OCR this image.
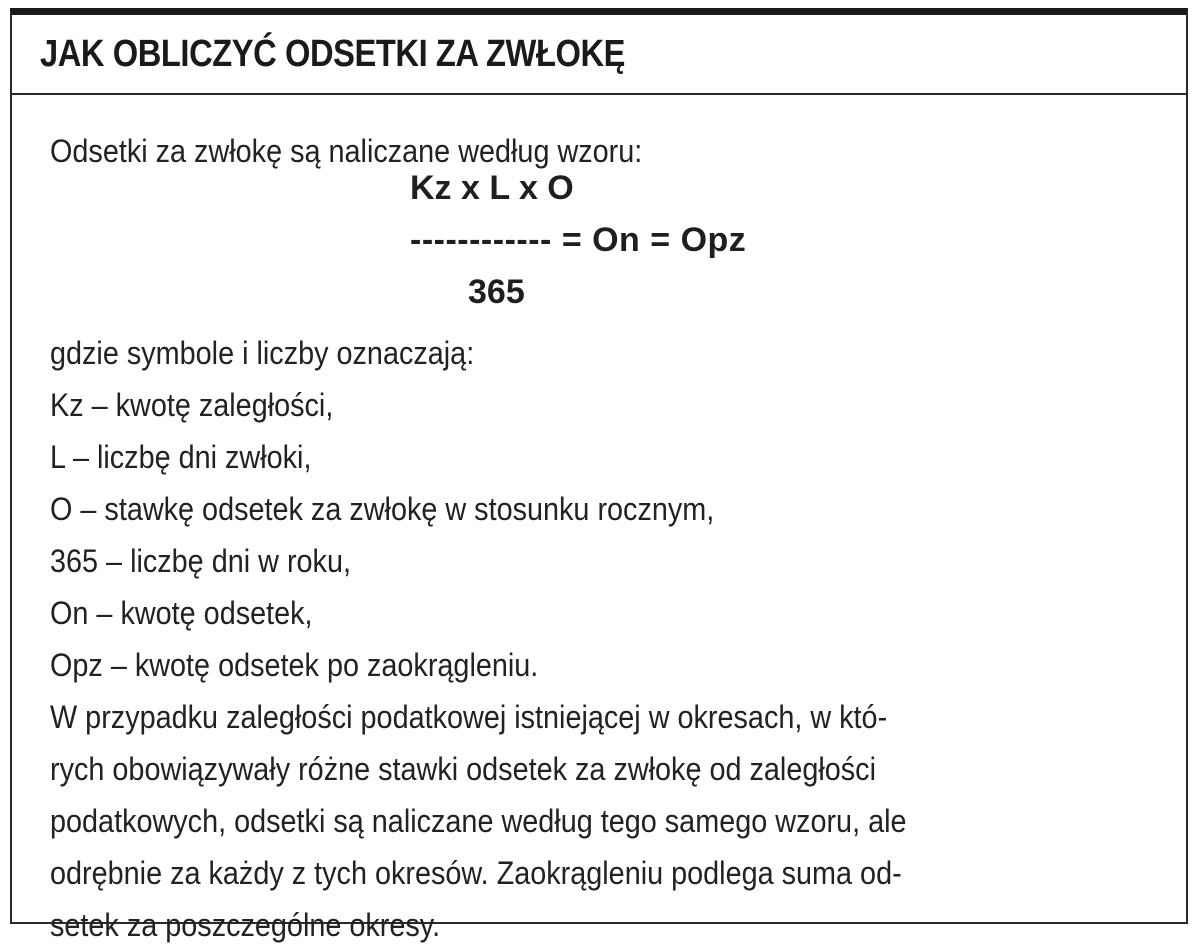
JAK OBLICZYĆ ODSETKI ZA ZWŁOKĘ
Odsetki za zwłokę są naliczane według wzoru:
Kz x L x O
------------ = On = Opz
365
gdzie symbole i liczby oznaczają:
Kz – kwotę zaległości,
L – liczbę dni zwłoki,
O – stawkę odsetek za zwłokę w stosunku rocznym,
365 – liczbę dni w roku,
On – kwotę odsetek,
Opz – kwotę odsetek po zaokrągleniu.
W przypadku zaległości podatkowej istniejącej w okresach, w któ-
rych obowiązywały różne stawki odsetek za zwłokę od zaległości
podatkowych, odsetki są naliczane według tego samego wzoru, ale
odrębnie za każdy z tych okresów. Zaokrągleniu podlega suma od-
setek za poszczególne okresy.
